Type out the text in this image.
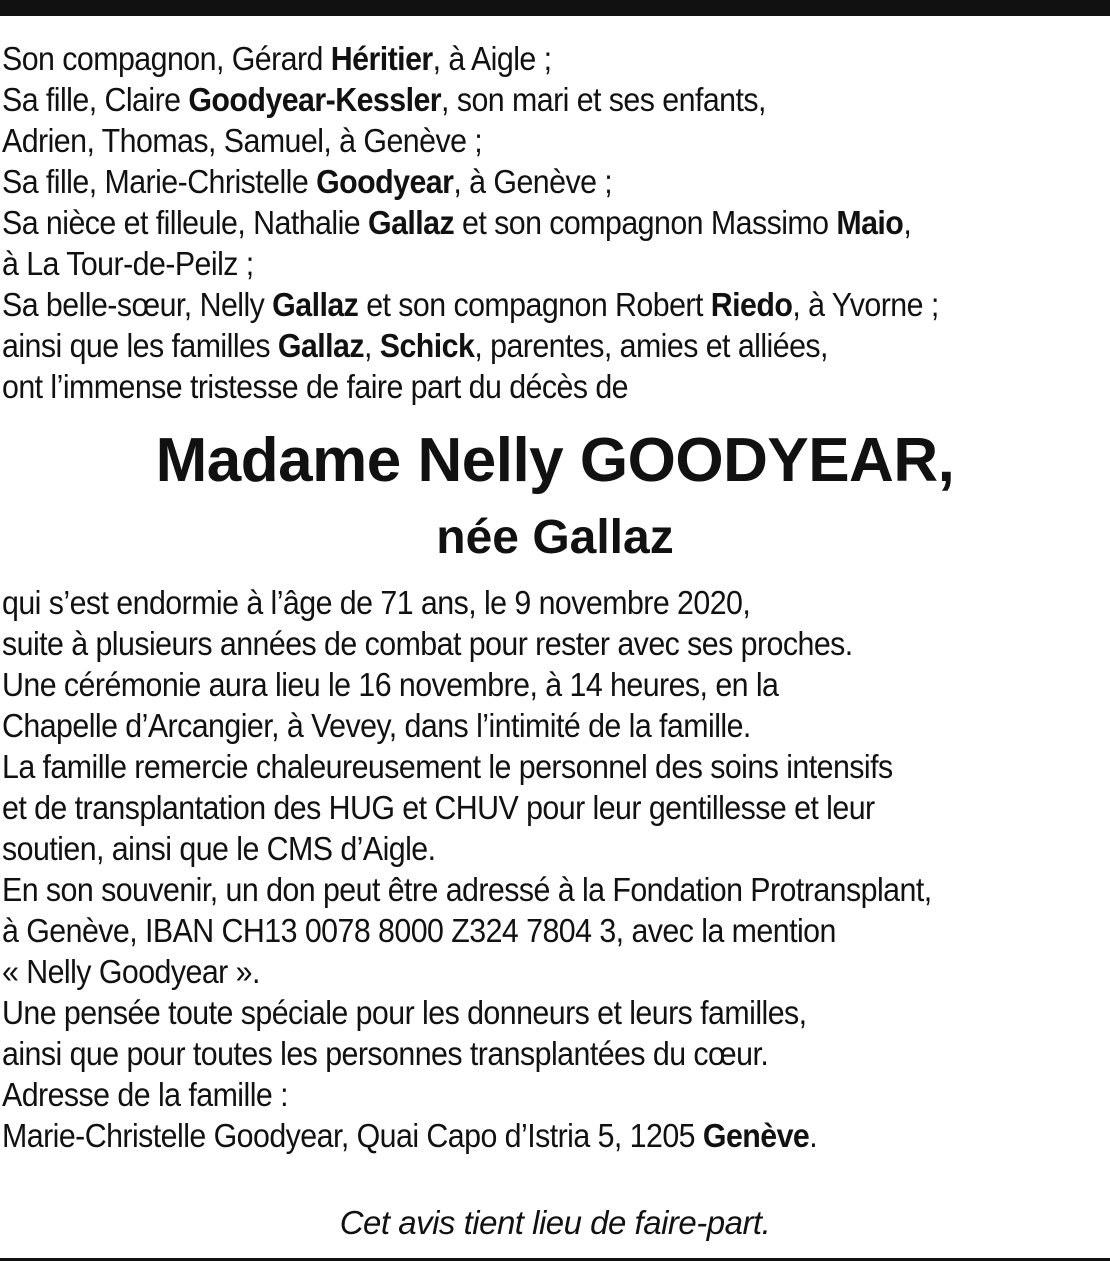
Son compagnon, Gérard Héritier, à Aigle ;
Sa fille, Claire Goodyear-Kessler, son mari et ses enfants,
Adrien, Thomas, Samuel, à Genève ;
Sa fille, Marie-Christelle Goodyear, à Genève ;
Sa nièce et filleule, Nathalie Gallaz et son compagnon Massimo Maio,
à La Tour-de-Peilz ;
Sa belle-sœur, Nelly Gallaz et son compagnon Robert Riedo, à Yvorne ;
ainsi que les familles Gallaz, Schick, parentes, amies et alliées,
ont l’immense tristesse de faire part du décès de
Madame Nelly GOODYEAR,
née Gallaz
qui s’est endormie à l’âge de 71 ans, le 9 novembre 2020,
suite à plusieurs années de combat pour rester avec ses proches.
Une cérémonie aura lieu le 16 novembre, à 14 heures, en la
Chapelle d’Arcangier, à Vevey, dans l’intimité de la famille.
La famille remercie chaleureusement le personnel des soins intensifs
et de transplantation des HUG et CHUV pour leur gentillesse et leur
soutien, ainsi que le CMS d’Aigle.
En son souvenir, un don peut être adressé à la Fondation Protransplant,
à Genève, IBAN CH13 0078 8000 Z324 7804 3, avec la mention
« Nelly Goodyear ».
Une pensée toute spéciale pour les donneurs et leurs familles,
ainsi que pour toutes les personnes transplantées du cœur.
Adresse de la famille :
Marie-Christelle Goodyear, Quai Capo d’Istria 5, 1205 Genève.
Cet avis tient lieu de faire-part.
